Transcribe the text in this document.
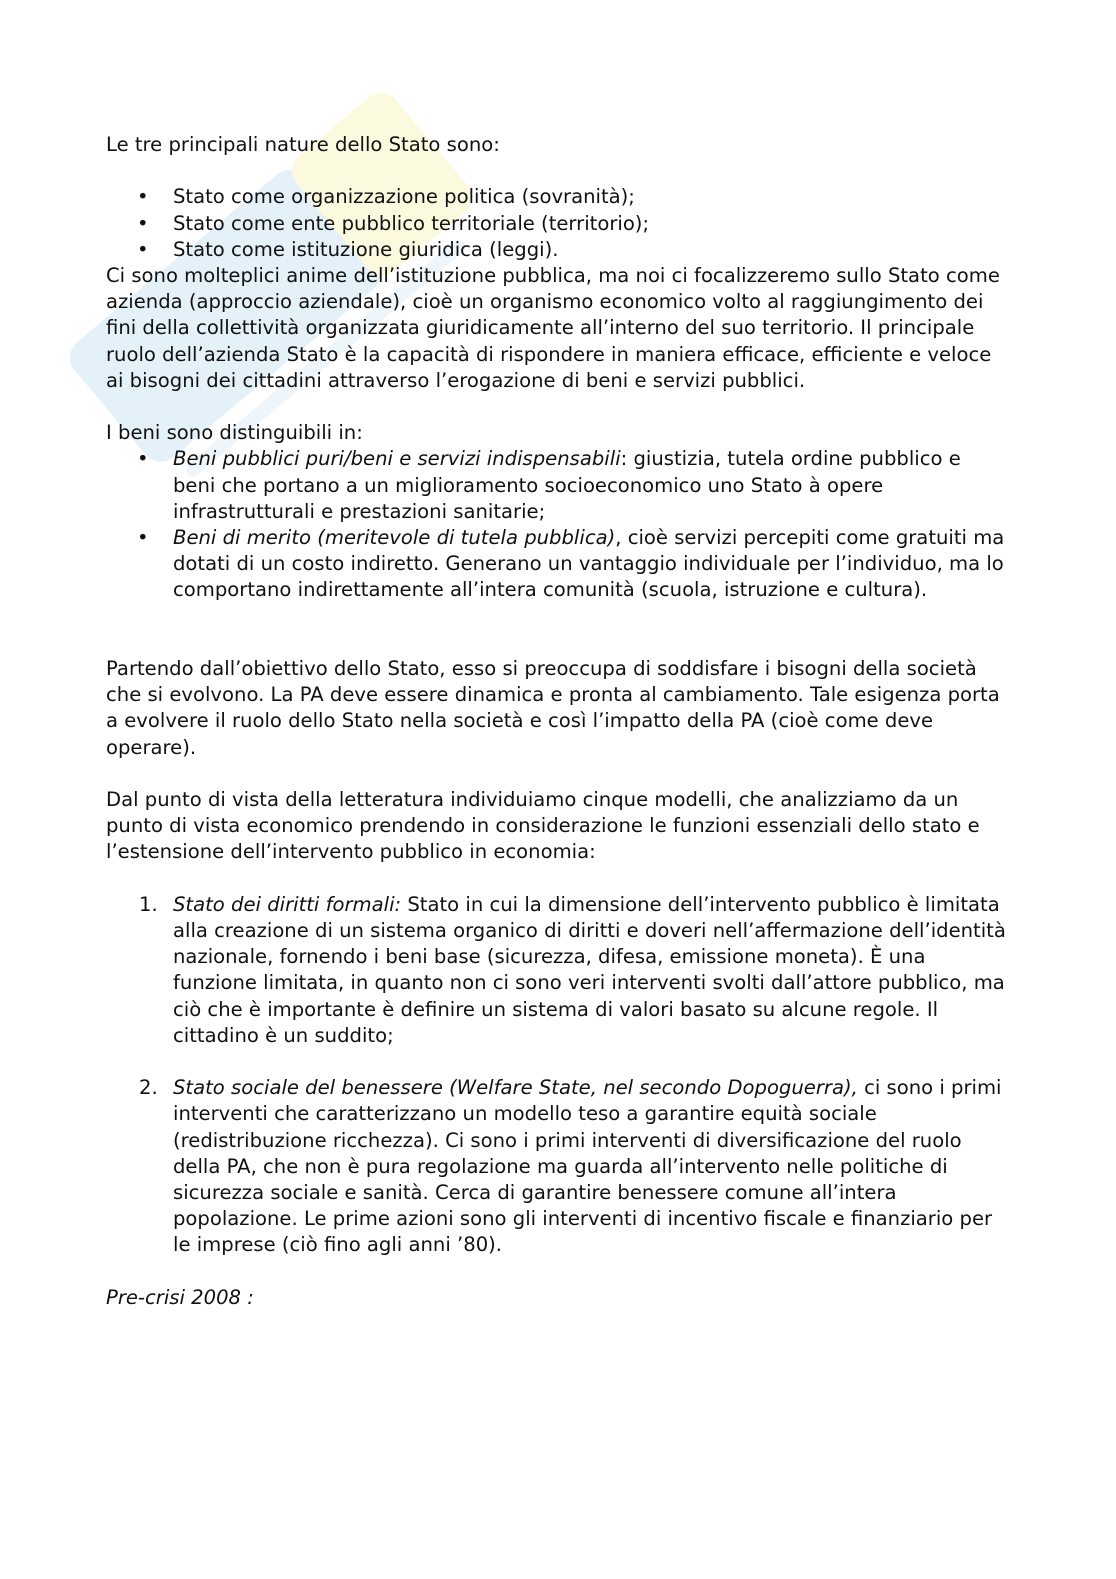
Le tre principali nature dello Stato sono:

• Stato come organizzazione politica (sovranità);
• Stato come ente pubblico territoriale (territorio);
• Stato come istituzione giuridica (leggi).

Ci sono molteplici anime dell’istituzione pubblica, ma noi ci focalizzeremo sullo Stato come azienda (approccio aziendale), cioè un organismo economico volto al raggiungimento dei fini della collettività organizzata giuridicamente all’interno del suo territorio. Il principale ruolo dell’azienda Stato è la capacità di rispondere in maniera efficace, efficiente e veloce ai bisogni dei cittadini attraverso l’erogazione di beni e servizi pubblici.

I beni sono distinguibili in:

• Beni pubblici puri/beni e servizi indispensabili: giustizia, tutela ordine pubblico e beni che portano a un miglioramento socioeconomico uno Stato à opere infrastrutturali e prestazioni sanitarie;
• Beni di merito (meritevole di tutela pubblica), cioè servizi percepiti come gratuiti ma dotati di un costo indiretto. Generano un vantaggio individuale per l’individuo, ma lo comportano indirettamente all’intera comunità (scuola, istruzione e cultura).

Partendo dall’obiettivo dello Stato, esso si preoccupa di soddisfare i bisogni della società che si evolvono. La PA deve essere dinamica e pronta al cambiamento. Tale esigenza porta a evolvere il ruolo dello Stato nella società e così l’impatto della PA (cioè come deve operare).

Dal punto di vista della letteratura individuiamo cinque modelli, che analizziamo da un punto di vista economico prendendo in considerazione le funzioni essenziali dello stato e l’estensione dell’intervento pubblico in economia:

1. Stato dei diritti formali: Stato in cui la dimensione dell’intervento pubblico è limitata alla creazione di un sistema organico di diritti e doveri nell’affermazione dell’identità nazionale, fornendo i beni base (sicurezza, difesa, emissione moneta). È una funzione limitata, in quanto non ci sono veri interventi svolti dall’attore pubblico, ma ciò che è importante è definire un sistema di valori basato su alcune regole. Il cittadino è un suddito;
2. Stato sociale del benessere (Welfare State, nel secondo Dopoguerra), ci sono i primi interventi che caratterizzano un modello teso a garantire equità sociale (redistribuzione ricchezza). Ci sono i primi interventi di diversificazione del ruolo della PA, che non è pura regolazione ma guarda all’intervento nelle politiche di sicurezza sociale e sanità. Cerca di garantire benessere comune all’intera popolazione. Le prime azioni sono gli interventi di incentivo fiscale e finanziario per le imprese (ciò fino agli anni ’80).

Pre-crisi 2008 :
